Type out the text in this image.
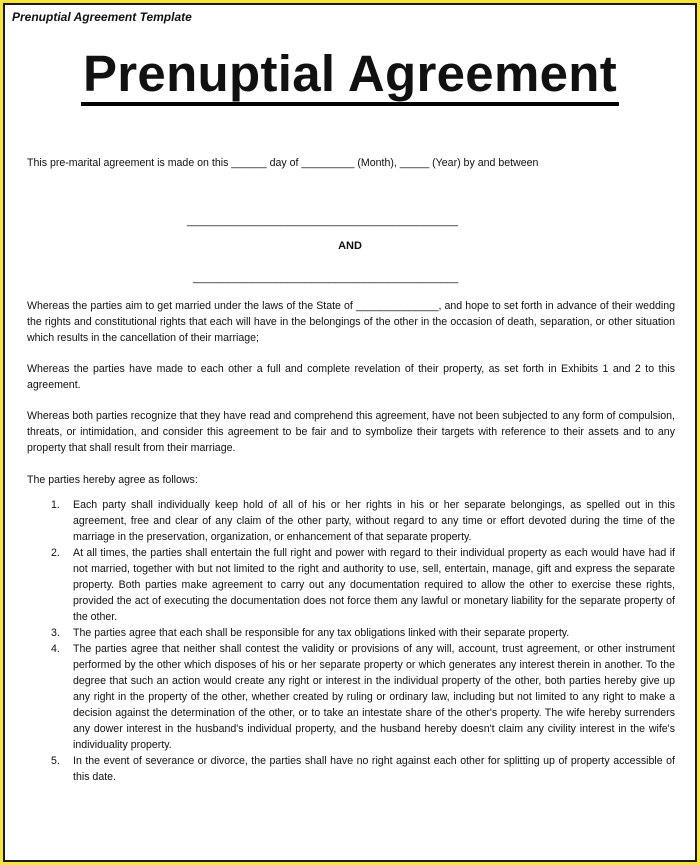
Prenuptial Agreement Template
Prenuptial Agreement
This pre-marital agreement is made on this ______ day of _________ (Month), _____ (Year) by and between
______________________________________________
AND
_____________________________________________
Whereas the parties aim to get married under the laws of the State of ______________, and hope to set forth in advance of their wedding the rights and constitutional rights that each will have in the belongings of the other in the occasion of death, separation, or other situation which results in the cancellation of their marriage;
Whereas the parties have made to each other a full and complete revelation of their property, as set forth in Exhibits 1 and 2 to this agreement.
Whereas both parties recognize that they have read and comprehend this agreement, have not been subjected to any form of compulsion, threats, or intimidation, and consider this agreement to be fair and to symbolize their targets with reference to their assets and to any property that shall result from their marriage.
The parties hereby agree as follows:
1. Each party shall individually keep hold of all of his or her rights in his or her separate belongings, as spelled out in this agreement, free and clear of any claim of the other party, without regard to any time or effort devoted during the time of the marriage in the preservation, organization, or enhancement of that separate property.
2. At all times, the parties shall entertain the full right and power with regard to their individual property as each would have had if not married, together with but not limited to the right and authority to use, sell, entertain, manage, gift and express the separate property. Both parties make agreement to carry out any documentation required to allow the other to exercise these rights, provided the act of executing the documentation does not force them any lawful or monetary liability for the separate property of the other.
3. The parties agree that each shall be responsible for any tax obligations linked with their separate property.
4. The parties agree that neither shall contest the validity or provisions of any will, account, trust agreement, or other instrument performed by the other which disposes of his or her separate property or which generates any interest therein in another. To the degree that such an action would create any right or interest in the individual property of the other, both parties hereby give up any right in the property of the other, whether created by ruling or ordinary law, including but not limited to any right to make a decision against the determination of the other, or to take an intestate share of the other's property. The wife hereby surrenders any dower interest in the husband's individual property, and the husband hereby doesn't claim any civility interest in the wife's individuality property.
5. In the event of severance or divorce, the parties shall have no right against each other for splitting up of property accessible of this date.
